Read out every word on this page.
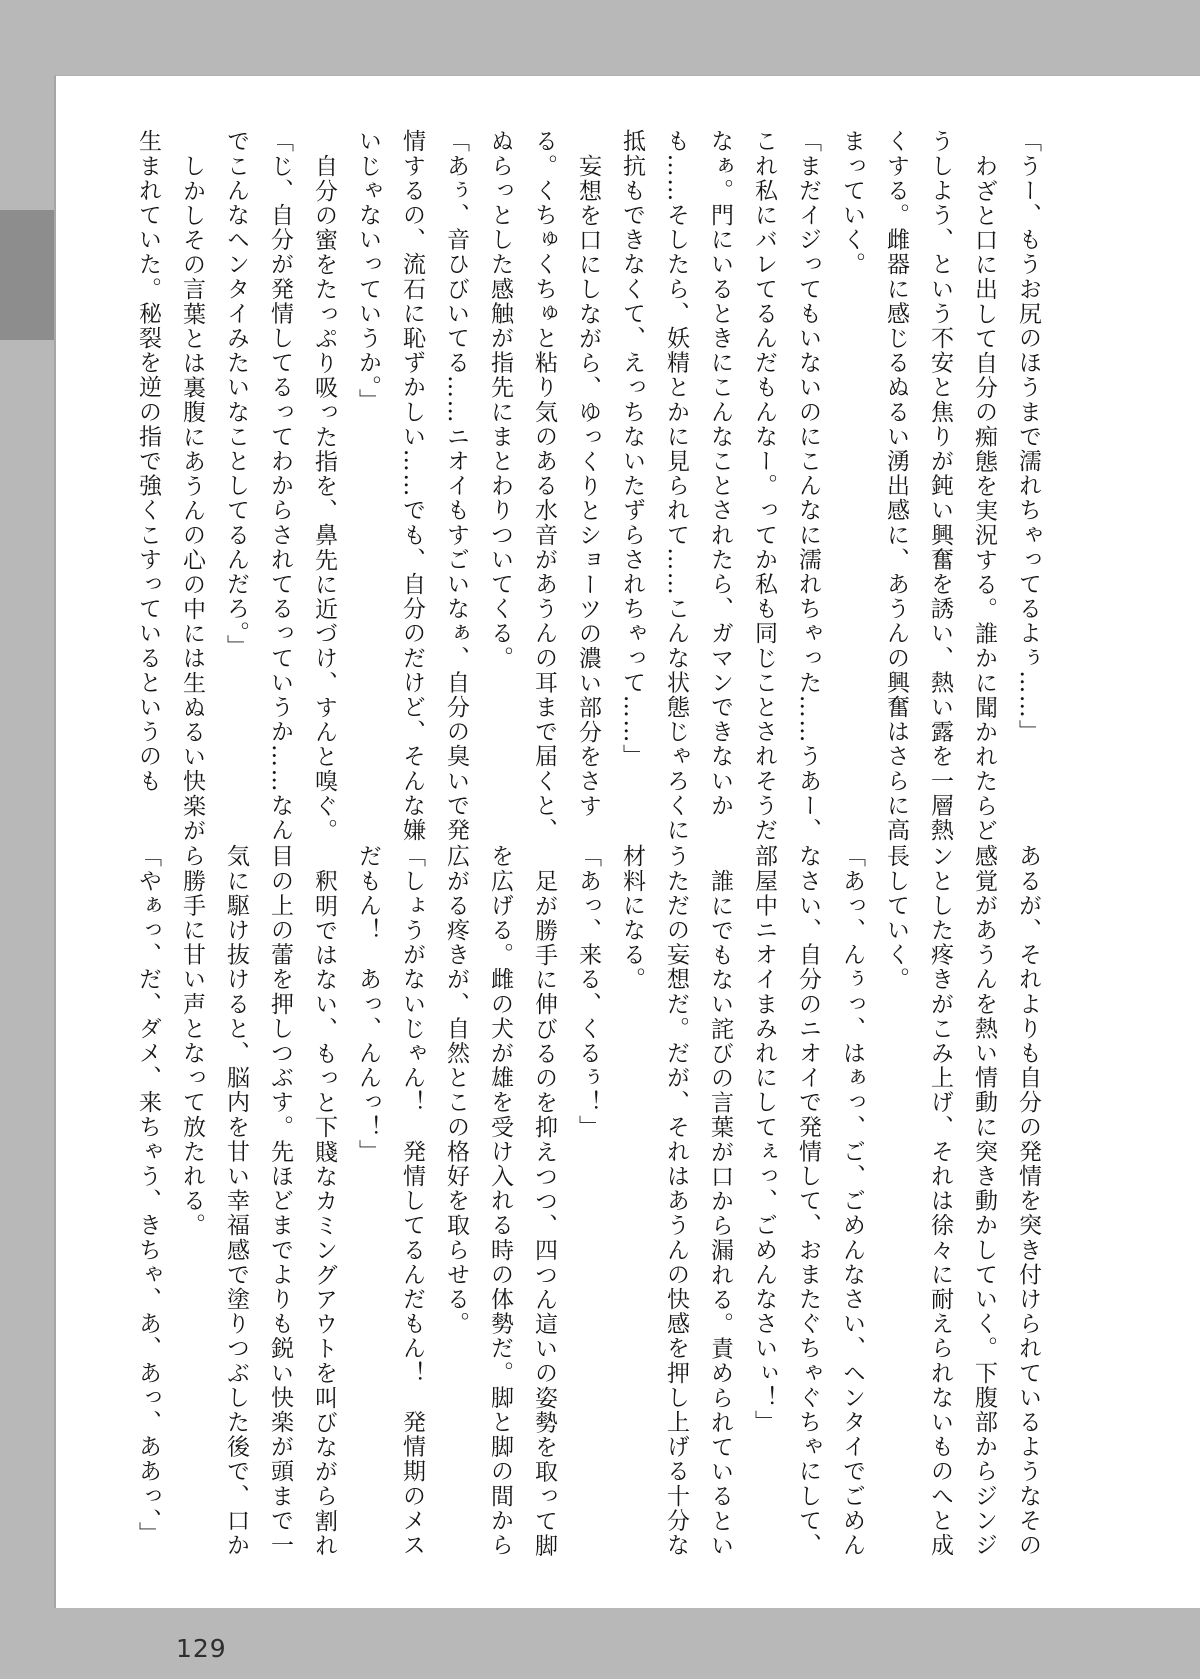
「うー、もうお尻のほうまで濡れちゃってるよぅ……」

わざと口に出して自分の痴態を実況する。誰かに聞かれたらどうしよう、という不安と焦りが鈍い興奮を誘い、熱い露を一層熱くする。雌器に感じるぬるい湧出感に、あうんの興奮はさらに高まっていく。

「まだイジってもいないのにこんなに濡れちゃった……うあー、これ私にバレてるんだもんなー。ってか私も同じことされそうだなぁ。門にいるときにこんなことされたら、ガマンできないかも……そしたら、妖精とかに見られて……こんな状態じゃろくに抵抗もできなくて、えっちないたずらされちゃって……」

妄想を口にしながら、ゆっくりとショーツの濃い部分をさする。くちゅくちゅと粘り気のある水音があうんの耳まで届くと、ぬらっとした感触が指先にまとわりついてくる。

「あぅ、音ひびいてる……ニオイもすごいなぁ、自分の臭いで発情するの、流石に恥ずかしい……でも、自分のだけど、そんな嫌いじゃないっていうか。」

自分の蜜をたっぷり吸った指を、鼻先に近づけ、すんと嗅ぐ。

「じ、自分が発情してるってわからされてるっていうか……なんでこんなヘンタイみたいなことしてるんだろ。」

しかしその言葉とは裏腹にあうんの心の中には生ぬるい快楽が生まれていた。秘裂を逆の指で強くこすっているというのも

あるが、それよりも自分の発情を突き付けられているようなその感覚があうんを熱い情動に突き動かしていく。下腹部からジンジンとした疼きがこみ上げ、それは徐々に耐えられないものへと成長していく。

「あっ、んぅっ、はぁっ、ご、ごめんなさい、ヘンタイでごめんなさい、自分のニオイで発情して、おまたぐちゃぐちゃにして、部屋中ニオイまみれにしてぇっ、ごめんなさいぃ！」

誰にでもない詫びの言葉が口から漏れる。責められているというただの妄想だ。だが、それはあうんの快感を押し上げる十分な材料になる。

「あっ、来る、くるぅ！」

足が勝手に伸びるのを抑えつつ、四つん這いの姿勢を取って脚を広げる。雌の犬が雄を受け入れる時の体勢だ。脚と脚の間から広がる疼きが、自然とこの格好を取らせる。

「しょうがないじゃん！　発情してるんだもん！　発情期のメスだもん！　あっ、んんっ！」

釈明ではない、もっと下賤なカミングアウトを叫びながら割れ目の上の蕾を押しつぶす。先ほどまでよりも鋭い快楽が頭まで一気に駆け抜けると、脳内を甘い幸福感で塗りつぶした後で、口から勝手に甘い声となって放たれる。

「やぁっ、だ、ダメ、来ちゃう、きちゃ、あ、あっ、ああっ、」

129
